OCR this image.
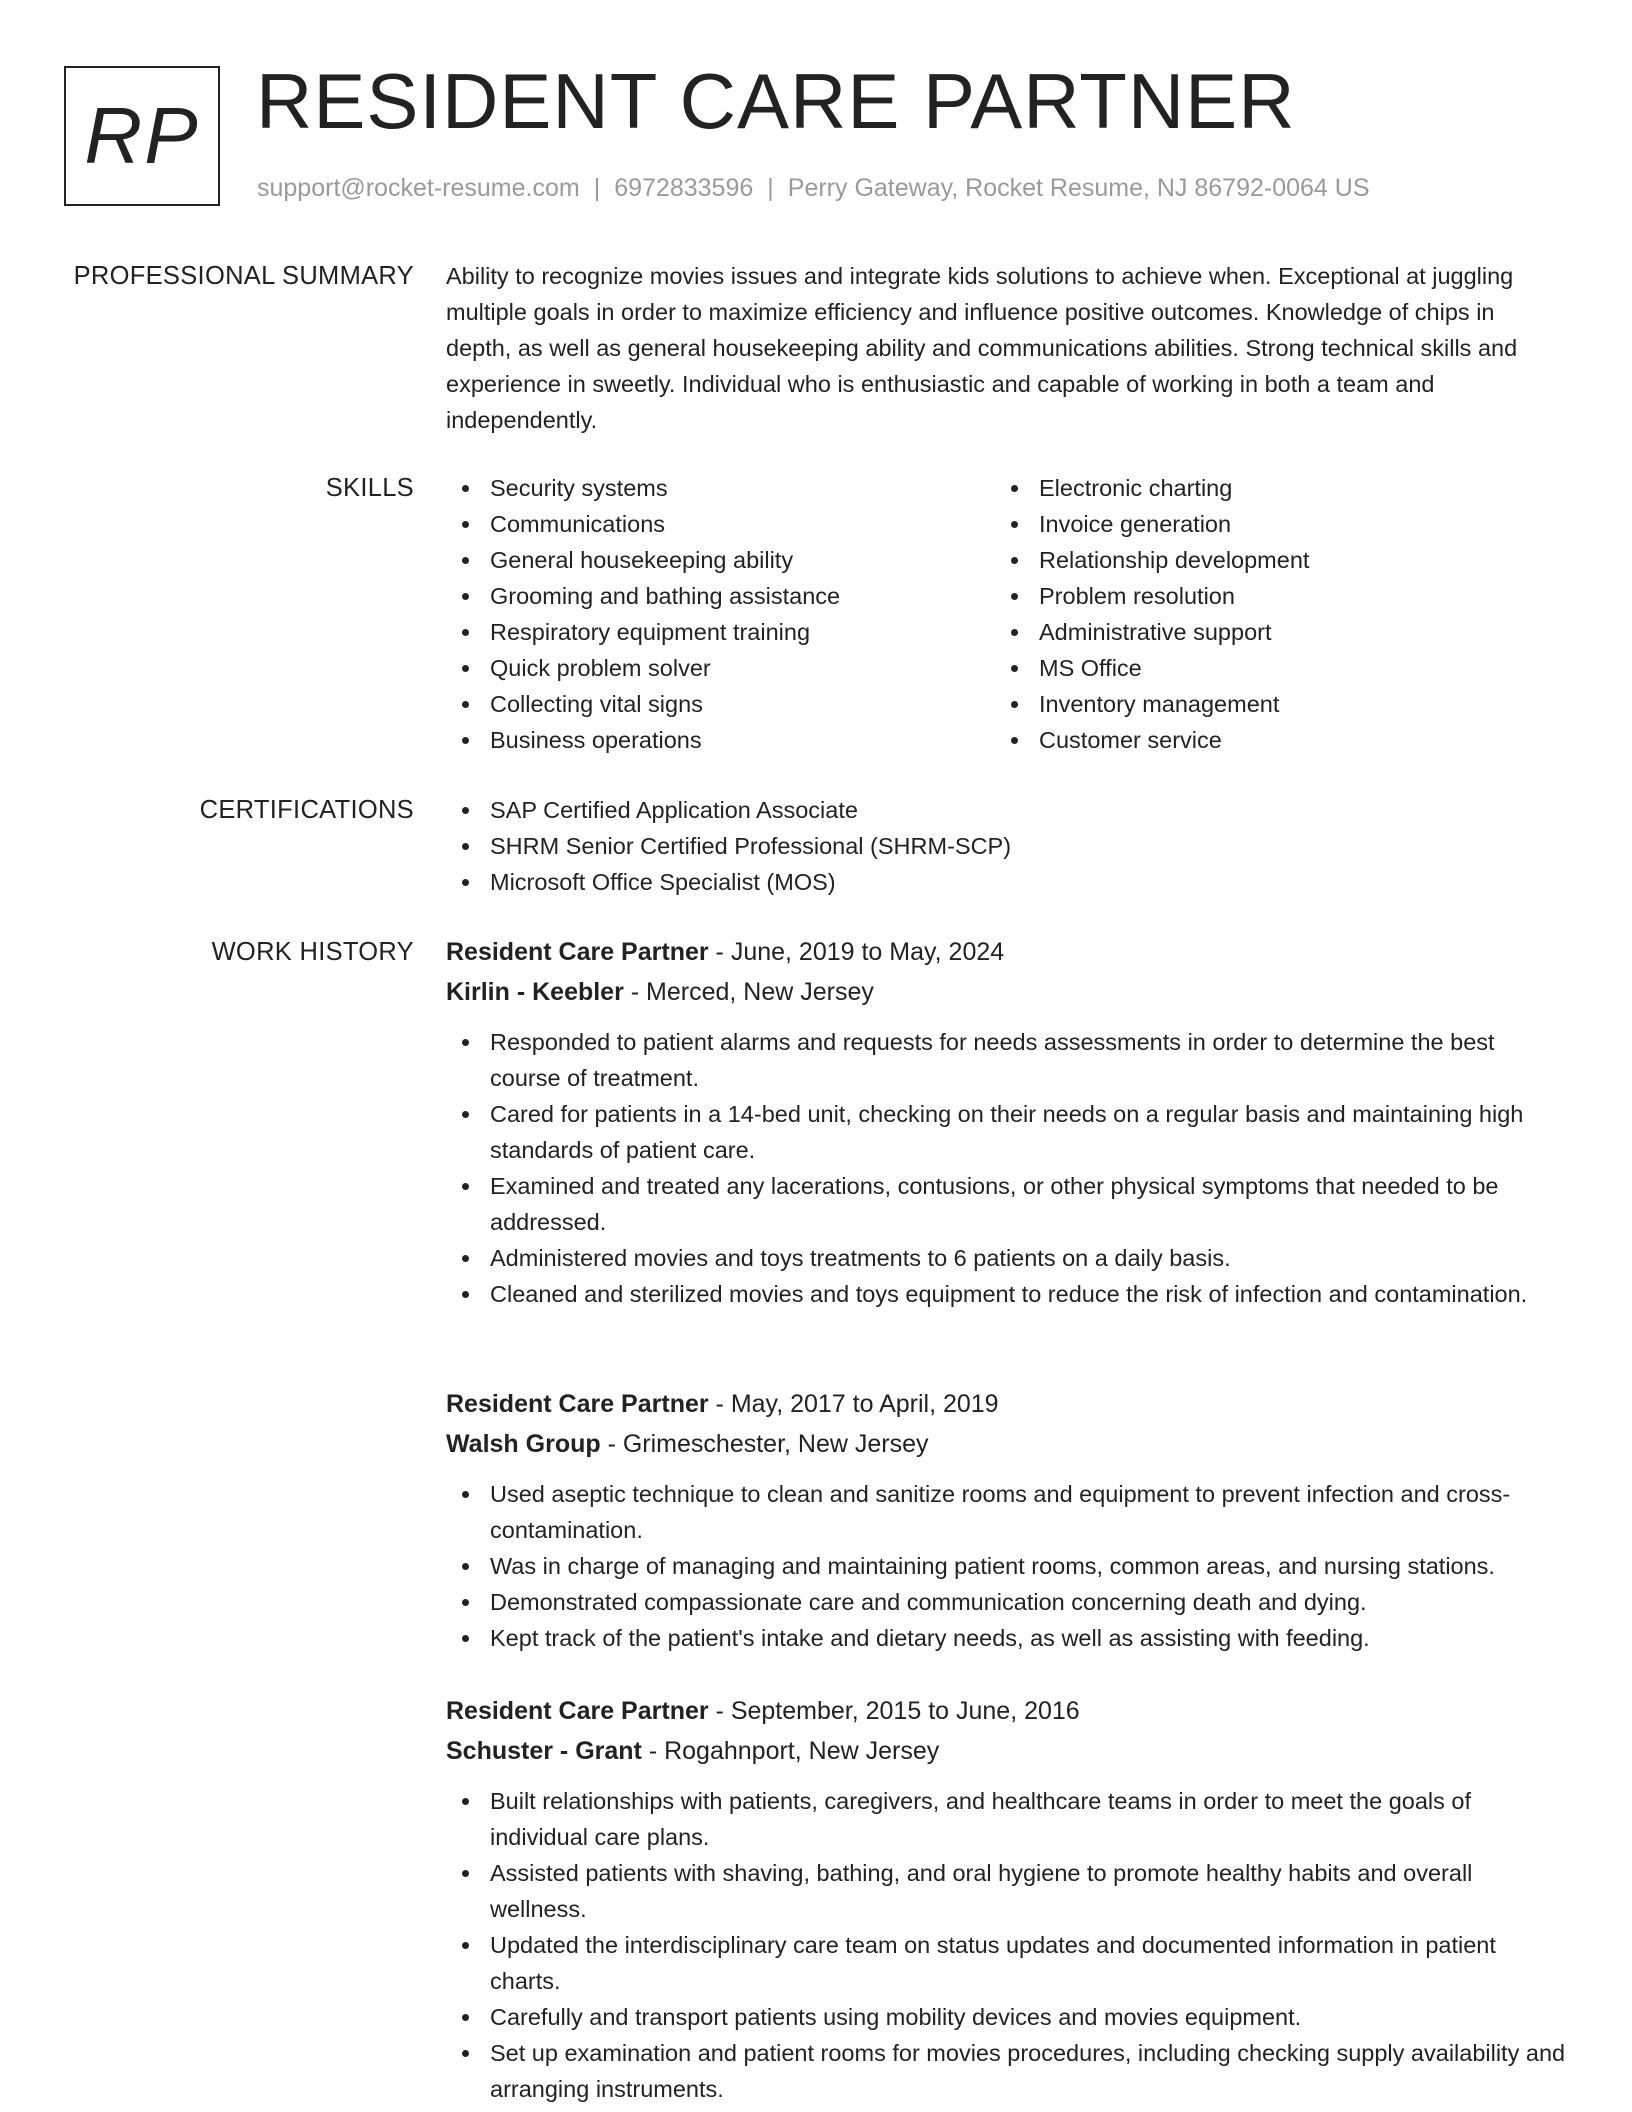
RP RESIDENT CARE PARTNER
support@rocket-resume.com | 6972833596 | Perry Gateway, Rocket Resume, NJ 86792-0064 US
PROFESSIONAL SUMMARY Ability to recognize movies issues and integrate kids solutions to achieve when. Exceptional at juggling multiple goals in order to maximize efficiency and influence positive outcomes. Knowledge of chips in depth, as well as general housekeeping ability and communications abilities. Strong technical skills and experience in sweetly. Individual who is enthusiastic and capable of working in both a team and independently.

SKILLS	Security systems
Communications
General housekeeping ability
Grooming and bathing assistance
Respiratory equipment training
Quick problem solver
Collecting vital signs
Business operations
Electronic charting
Invoice generation
Relationship development
Problem resolution
Administrative support
MS Office
Inventory management
Customer service
CERTIFICATIONS	SAP Certified Application Associate
SHRM Senior Certified Professional (SHRM-SCP)
Microsoft Office Specialist (MOS)
WORK HISTORY Resident Care Partner - June, 2019 to May, 2024
Kirlin - Keebler - Merced, New Jersey
Responded to patient alarms and requests for needs assessments in order to determine the best course of treatment.
Cared for patients in a 14-bed unit, checking on their needs on a regular basis and maintaining high standards of patient care.
Examined and treated any lacerations, contusions, or other physical symptoms that needed to be addressed.
Administered movies and toys treatments to 6 patients on a daily basis.
Cleaned and sterilized movies and toys equipment to reduce the risk of infection and contamination.
Resident Care Partner - May, 2017 to April, 2019
Walsh Group - Grimeschester, New Jersey
Used aseptic technique to clean and sanitize rooms and equipment to prevent infection and cross-contamination.
Was in charge of managing and maintaining patient rooms, common areas, and nursing stations.
Demonstrated compassionate care and communication concerning death and dying.
Kept track of the patient's intake and dietary needs, as well as assisting with feeding.
Resident Care Partner - September, 2015 to June, 2016
Schuster - Grant - Rogahnport, New Jersey
Built relationships with patients, caregivers, and healthcare teams in order to meet the goals of individual care plans.
Assisted patients with shaving, bathing, and oral hygiene to promote healthy habits and overall wellness.
Updated the interdisciplinary care team on status updates and documented information in patient charts.
Carefully and transport patients using mobility devices and movies equipment.
Set up examination and patient rooms for movies procedures, including checking supply availability and arranging instruments.
